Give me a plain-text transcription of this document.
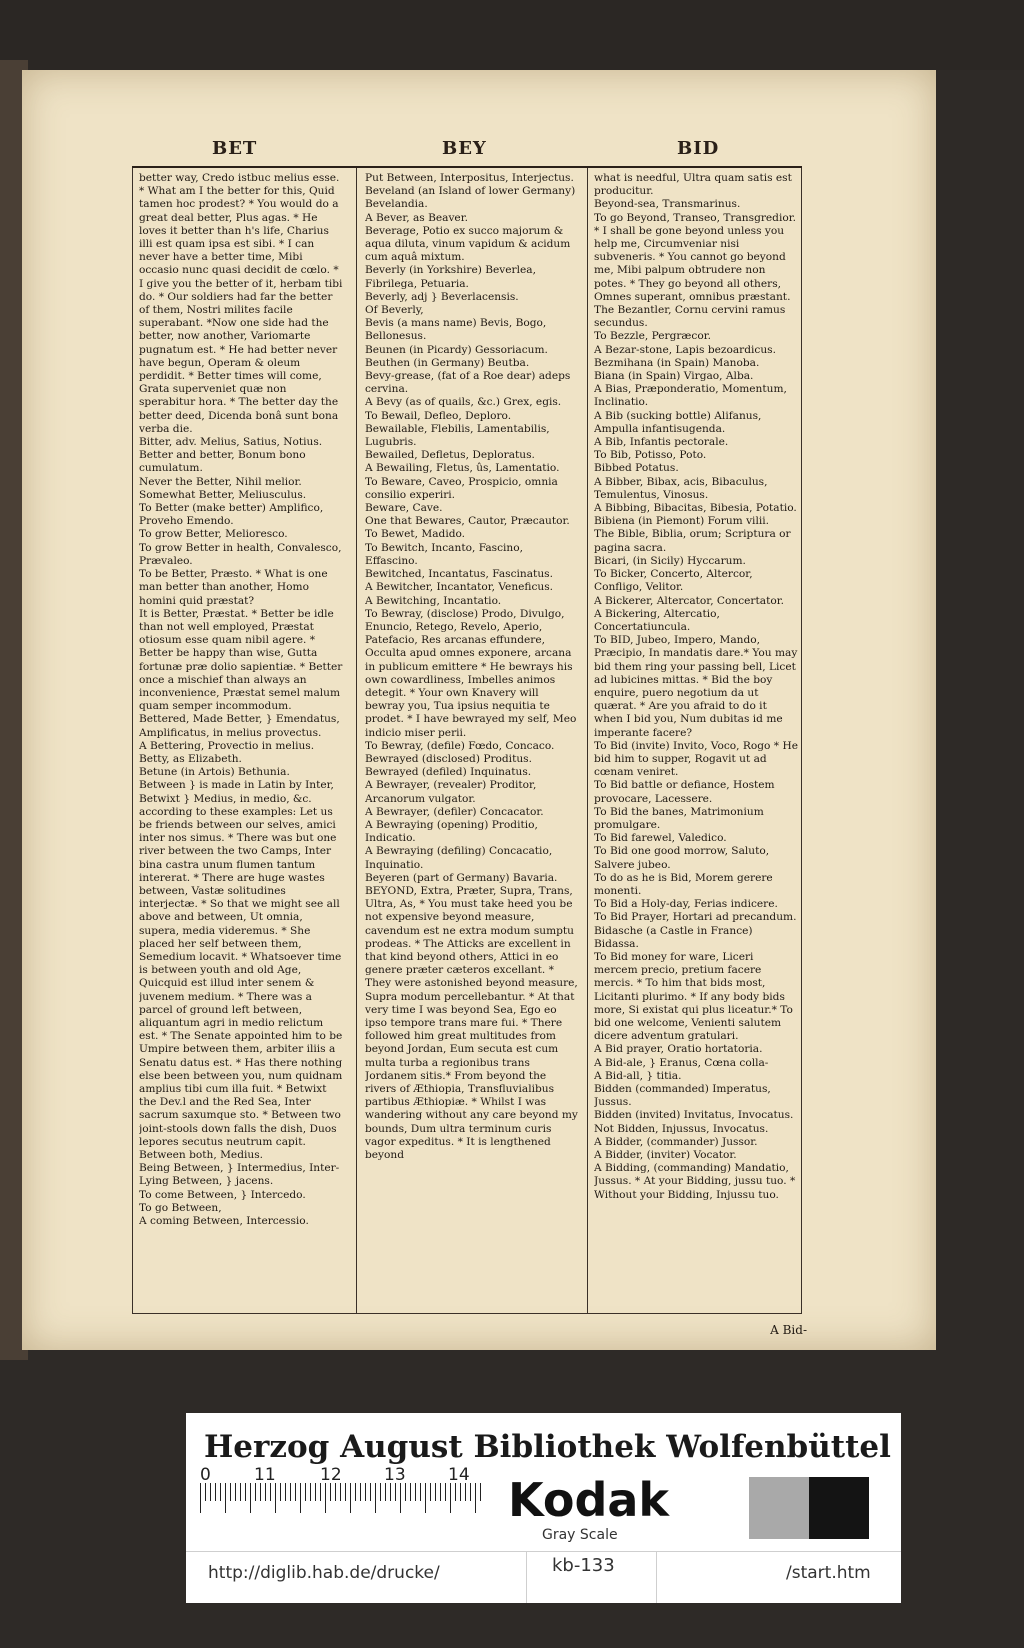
BET	BEY	BID

better way, Credo istbuc melius esse.

* What am I the better for this, Quid tamen hoc prodest? * You would do a great deal better, Plus agas. * He loves it better than h's life, Charius illi est quam ipsa est sibi. * I can never have a better time, Mibi occasio nunc quasi decidit de cœlo. * I give you the better of it, herbam tibi do. * Our soldiers had far the better of them, Nostri milites facile superabant. *Now one side had the better, now another, Variomarte pugnatum est. * He had better never have begun, Operam & oleum perdidit. * Better times will come, Grata superveniet quæ non sperabitur hora. * The better day the better deed, Dicenda bonâ sunt bona verba die.

Bitter, adv. Melius, Satius, Notius.

Better and better, Bonum bono cumulatum.

Never the Better, Nihil melior.

Somewhat Better, Meliusculus.

To Better (make better) Amplifico, Proveho Emendo.

To grow Better, Melioresco.

To grow Better in health, Convalesco, Prævaleo.

To be Better, Præsto. * What is one man better than another, Homo homini quid præstat?

It is Better, Præstat. * Better be idle than not well employed, Præstat otiosum esse quam nibil agere. * Better be happy than wise, Gutta fortunæ præ dolio sapientiæ. * Better once a mischief than always an inconvenience, Præstat semel malum quam semper incommodum.

Bettered, Made Better, } Emendatus, Amplificatus, in melius provectus.

A Bettering, Provectio in melius.

Betty, as Elizabeth.

Betune (in Artois) Bethunia.

Between } is made in Latin by Inter, Betwixt } Medius, in medio, &c. according to these examples: Let us be friends between our selves, amici inter nos simus. * There was but one river between the two Camps, Inter bina castra unum flumen tantum intererat. * There are huge wastes between, Vastæ solitudines interjectæ. * So that we might see all above and between, Ut omnia, supera, media videremus. * She placed her self between them, Semedium locavit. * Whatsoever time is between youth and old Age, Quicquid est illud inter senem & juvenem medium. * There was a parcel of ground left between, aliquantum agri in medio relictum est. * The Senate appointed him to be Umpire between them, arbiter iliis a Senatu datus est. * Has there nothing else been between you, num quidnam amplius tibi cum illa fuit. * Betwixt the Dev.l and the Red Sea, Inter sacrum saxumque sto. * Between two joint-stools down falls the dish, Duos lepores secutus neutrum capit.

Between both, Medius.

Being Between, } Intermedius, Inter-Lying Between, } jacens.

To come Between, } Intercedo.

To go Between,

A coming Between, Intercessio.

Put Between, Interpositus, Interjectus.

Beveland (an Island of lower Germany) Bevelandia.

A Bever, as Beaver.

Beverage, Potio ex succo majorum & aqua diluta, vinum vapidum & acidum cum aquâ mixtum.

Beverly (in Yorkshire) Beverlea, Fibrilega, Petuaria.

Beverly, adj } Beverlacensis.

Of Beverly,

Bevis (a mans name) Bevis, Bogo, Bellonesus.

Beunen (in Picardy) Gessoriacum.

Beuthen (in Germany) Beutba.

Bevy-grease, (fat of a Roe dear) adeps cervina.

A Bevy (as of quails, &c.) Grex, egis.

To Bewail, Defleo, Deploro.

Bewailable, Flebilis, Lamentabilis, Lugubris.

Bewailed, Defletus, Deploratus.

A Bewailing, Fletus, ûs, Lamentatio.

To Beware, Caveo, Prospicio, omnia consilio experiri.

Beware, Cave.

One that Bewares, Cautor, Præcautor.

To Bewet, Madido.

To Bewitch, Incanto, Fascino, Effascino.

Bewitched, Incantatus, Fascinatus.

A Bewitcher, Incantator, Veneficus.

A Bewitching, Incantatio.

To Bewray, (disclose) Prodo, Divulgo, Enuncio, Retego, Revelo, Aperio, Patefacio, Res arcanas effundere, Occulta apud omnes exponere, arcana in publicum emittere * He bewrays his own cowardliness, Imbelles animos detegit. * Your own Knavery will bewray you, Tua ipsius nequitia te prodet. * I have bewrayed my self, Meo indicio miser perii.

To Bewray, (defile) Fœdo, Concaco.

Bewrayed (disclosed) Proditus.

Bewrayed (defiled) Inquinatus.

A Bewrayer, (revealer) Proditor, Arcanorum vulgator.

A Bewrayer, (defiler) Concacator.

A Bewraying (opening) Proditio, Indicatio.

A Bewraying (defiling) Concacatio, Inquinatio.

Beyeren (part of Germany) Bavaria.

BEYOND, Extra, Præter, Supra, Trans, Ultra, As, * You must take heed you be not expensive beyond measure, cavendum est ne extra modum sumptu prodeas. * The Atticks are excellent in that kind beyond others, Attici in eo genere præter cæteros excellant. * They were astonished beyond measure, Supra modum percellebantur. * At that very time I was beyond Sea, Ego eo ipso tempore trans mare fui. * There followed him great multitudes from beyond Jordan, Eum secuta est cum multa turba a regionibus trans Jordanem sitis.* From beyond the rivers of Æthiopia, Transfluvialibus partibus Æthiopiæ. * Whilst I was wandering without any care beyond my bounds, Dum ultra terminum curis vagor expeditus. * It is lengthened beyond

what is needful, Ultra quam satis est producitur.

Beyond-sea, Transmarinus.

To go Beyond, Transeo, Transgredior. * I shall be gone beyond unless you help me, Circumveniar nisi subveneris. * You cannot go beyond me, Mibi palpum obtrudere non potes. * They go beyond all others, Omnes superant, omnibus præstant.

The Bezantler, Cornu cervini ramus secundus.

To Bezzle, Pergræcor.

A Bezar-stone, Lapis bezoardicus.

Bezmihana (in Spain) Manoba.

Biana (in Spain) Virgao, Alba.

A Bias, Præponderatio, Momentum, Inclinatio.

A Bib (sucking bottle) Alifanus, Ampulla infantisugenda.

A Bib, Infantis pectorale.

To Bib, Potisso, Poto.

Bibbed Potatus.

A Bibber, Bibax, acis, Bibaculus, Temulentus, Vinosus.

A Bibbing, Bibacitas, Bibesia, Potatio.

Bibiena (in Piemont) Forum vilii.

The Bible, Biblia, orum; Scriptura or pagina sacra.

Bicari, (in Sicily) Hyccarum.

To Bicker, Concerto, Altercor, Confligo, Velitor.

A Bickerer, Altercator, Concertator.

A Bickering, Altercatio, Concertatiuncula.

To BID, Jubeo, Impero, Mando, Præcipio, In mandatis dare.* You may bid them ring your passing bell, Licet ad lubicines mittas. * Bid the boy enquire, puero negotium da ut quærat. * Are you afraid to do it when I bid you, Num dubitas id me imperante facere?

To Bid (invite) Invito, Voco, Rogo * He bid him to supper, Rogavit ut ad cœnam veniret.

To Bid battle or defiance, Hostem provocare, Lacessere.

To Bid the banes, Matrimonium promulgare.

To Bid farewel, Valedico.

To Bid one good morrow, Saluto, Salvere jubeo.

To do as he is Bid, Morem gerere monenti.

To Bid a Holy-day, Ferias indicere.

To Bid Prayer, Hortari ad precandum.

Bidasche (a Castle in France) Bidassa.

To Bid money for ware, Liceri mercem precio, pretium facere mercis. * To him that bids most, Licitanti plurimo. * If any body bids more, Si existat qui plus liceatur.* To bid one welcome, Venienti salutem dicere adventum gratulari.

A Bid prayer, Oratio hortatoria.

A Bid-ale, } Eranus, Cœna colla-

A Bid-all, } titia.

Bidden (commanded) Imperatus, Jussus.

Bidden (invited) Invitatus, Invocatus.

Not Bidden, Injussus, Invocatus.

A Bidder, (commander) Jussor.

A Bidder, (inviter) Vocator.

A Bidding, (commanding) Mandatio, Jussus. * At your Bidding, jussu tuo. * Without your Bidding, Injussu tuo.

A Bid-
Herzog August Bibliothek Wolfenbüttel
0	11	12 13 14 Kodak
Gray Scale
http://diglib.hab.de/drucke/	kb-133	/start.htm
